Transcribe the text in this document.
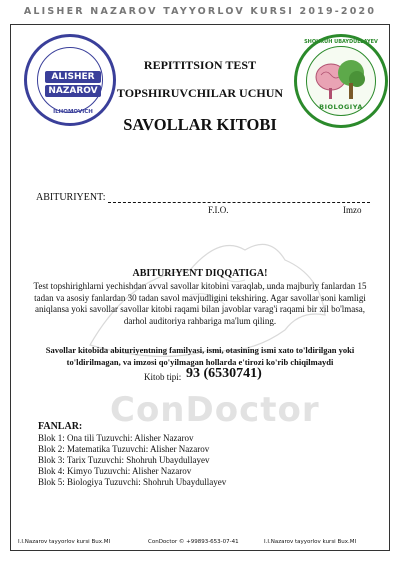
ALISHER NAZAROV TAYYORLOV KURSI 2019-2020
ALISHER
NAZAROV
ILHOMOVICH
SHOHRUH UBAYDULLAYEV
BIOLOGIYA
REPITITSION TEST
TOPSHIRUVCHILAR UCHUN
SAVOLLAR KITOBI
ABITURIYENT:
F.I.O.	Imzo
ABITURIYENT DIQQATIGA!
Test topshirighlarni yechishdan avval savollar kitobini varaqlab, unda majburiy fanlardan 15 tadan va asosiy fanlardan 30 tadan savol mavjudligini tekshiring. Agar savollar soni kamligi aniqlansa yoki savollar savollar kitobi raqami bilan javoblar varag'i raqami bir xil bo'lmasa, darhol auditoriya rahbariga ma'lum qiling.
Savollar kitobida abituriyentning familyasi, ismi, otasining ismi xato to'ldirilgan yoki to'ldirilmagan, va imzosi qo'yilmagan hollarda e'tirozi ko'rib chiqilmaydi
Kitob tipi: 93 (6530741)
ConDoctor
FANLAR:
Blok 1: Ona tili Tuzuvchi: Alisher Nazarov
Blok 2: Matematika Tuzuvchi: Alisher Nazarov
Blok 3: Tarix Tuzuvchi: Shohruh Ubaydullayev
Blok 4: Kimyo Tuzuvchi: Alisher Nazarov
Blok 5: Biologiya Tuzuvchi: Shohruh Ubaydullayev
I.I.Nazarov tayyorlov kursi Bux.MI	ConDoctor © +99893-653-07-41	I.I.Nazarov tayyorlov kursi Bux.MI
